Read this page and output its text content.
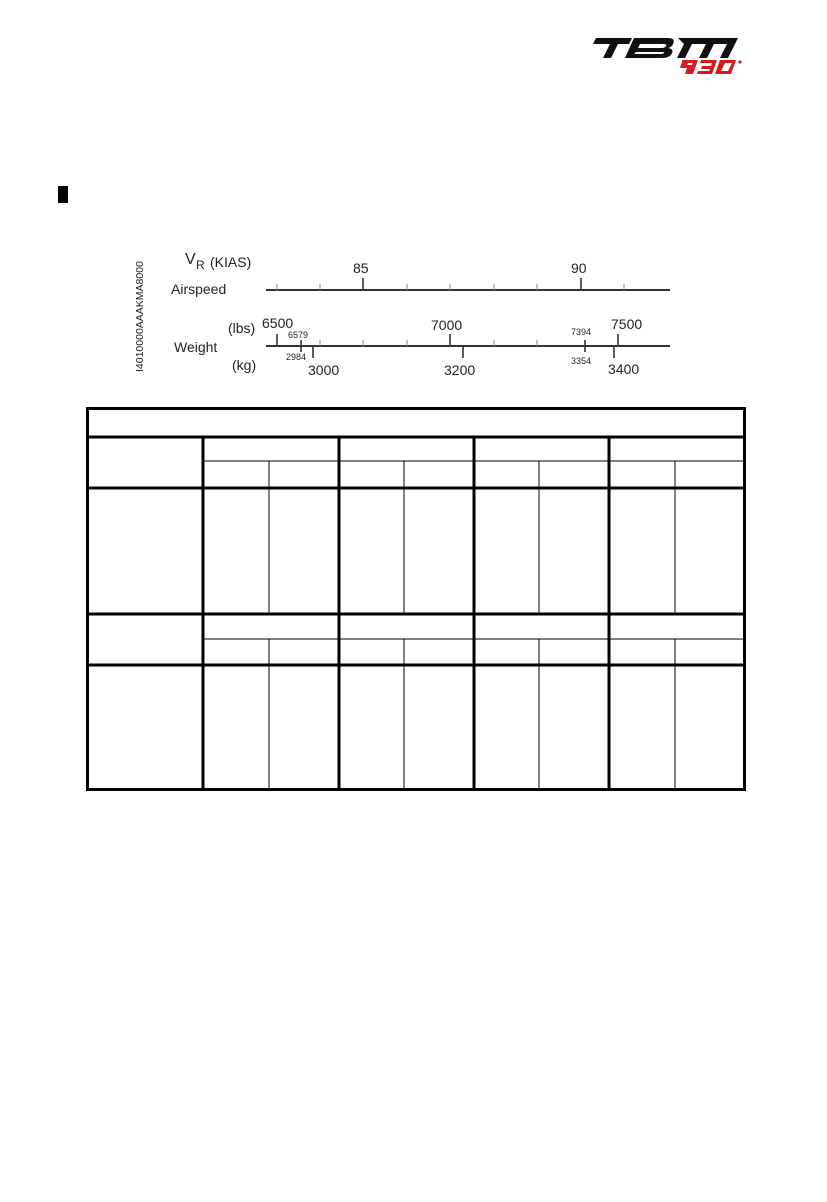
I4010000AAAKMA8000
V R (KIAS)
Airspeed
85	90
(lbs)
Weight
(kg)
6500	7000	7500
3000	3200	3400
6579
2984
7394
3354
